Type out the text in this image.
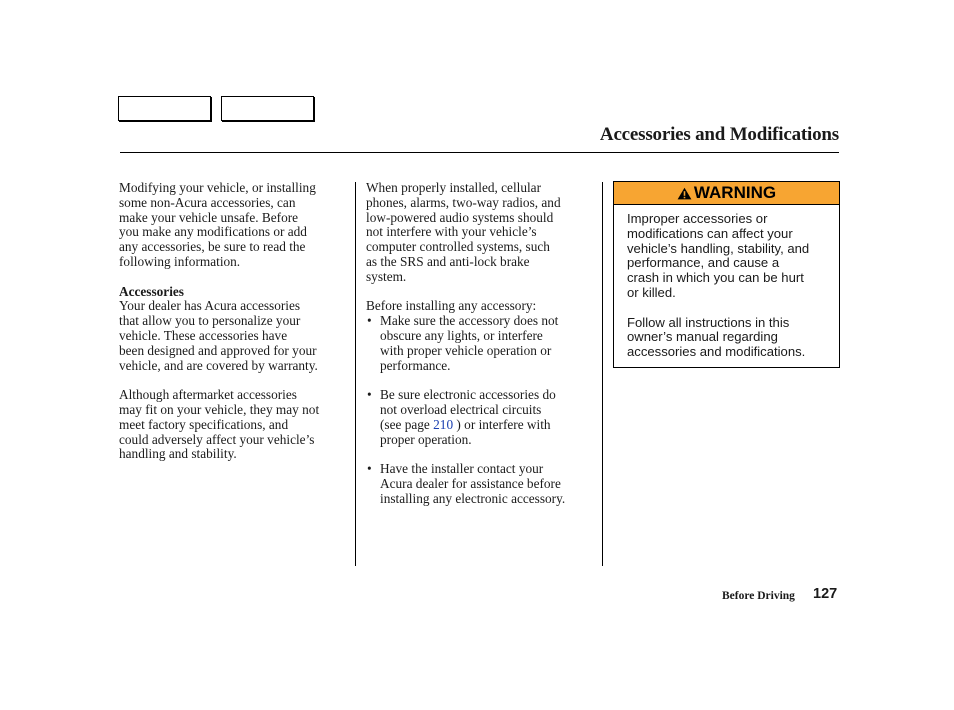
Accessories and Modifications

Modifying your vehicle, or installing
some non-Acura accessories, can
make your vehicle unsafe. Before
you make any modifications or add
any accessories, be sure to read the
following information.

Accessories
Your dealer has Acura accessories
that allow you to personalize your
vehicle. These accessories have
been designed and approved for your
vehicle, and are covered by warranty.

Although aftermarket accessories
may fit on your vehicle, they may not
meet factory specifications, and
could adversely affect your vehicle’s
handling and stability.

When properly installed, cellular
phones, alarms, two-way radios, and
low-powered audio systems should
not interfere with your vehicle’s
computer controlled systems, such
as the SRS and anti-lock brake
system.

Before installing any accessory:
• Make sure the accessory does not
obscure any lights, or interfere
with proper vehicle operation or
performance.
• Be sure electronic accessories do
not overload electrical circuits
(see page 210 ) or interfere with
proper operation.
• Have the installer contact your
Acura dealer for assistance before
installing any electronic accessory.
WARNING

Improper accessories or
modifications can affect your
vehicle’s handling, stability, and
performance, and cause a
crash in which you can be hurt
or killed.

Follow all instructions in this
owner’s manual regarding
accessories and modifications.

Before Driving 127
